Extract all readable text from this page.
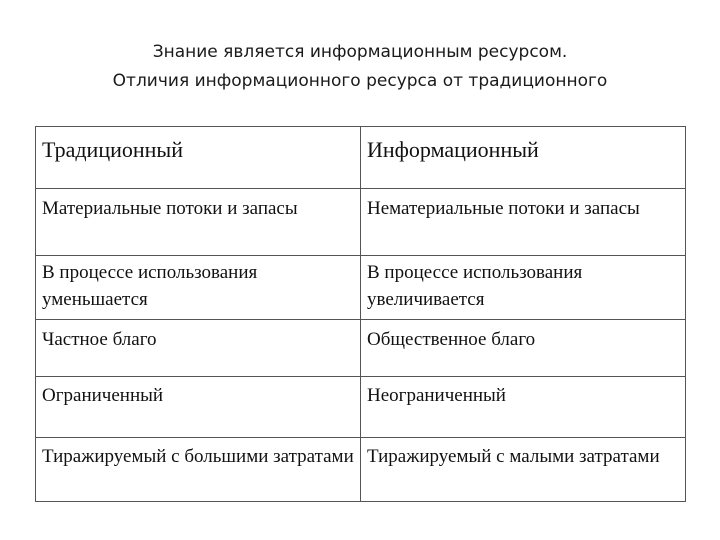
Знание является информационным ресурсом.
Отличия информационного ресурса от традиционного
Традиционный	Информационный
Материальные потоки и запасы	Нематериальные потоки и запасы
В процессе использования уменьшается	В процессе использования увеличивается
Частное благо	Общественное благо
Ограниченный	Неограниченный
Тиражируемый с большими затратами	Тиражируемый с малыми затратами
